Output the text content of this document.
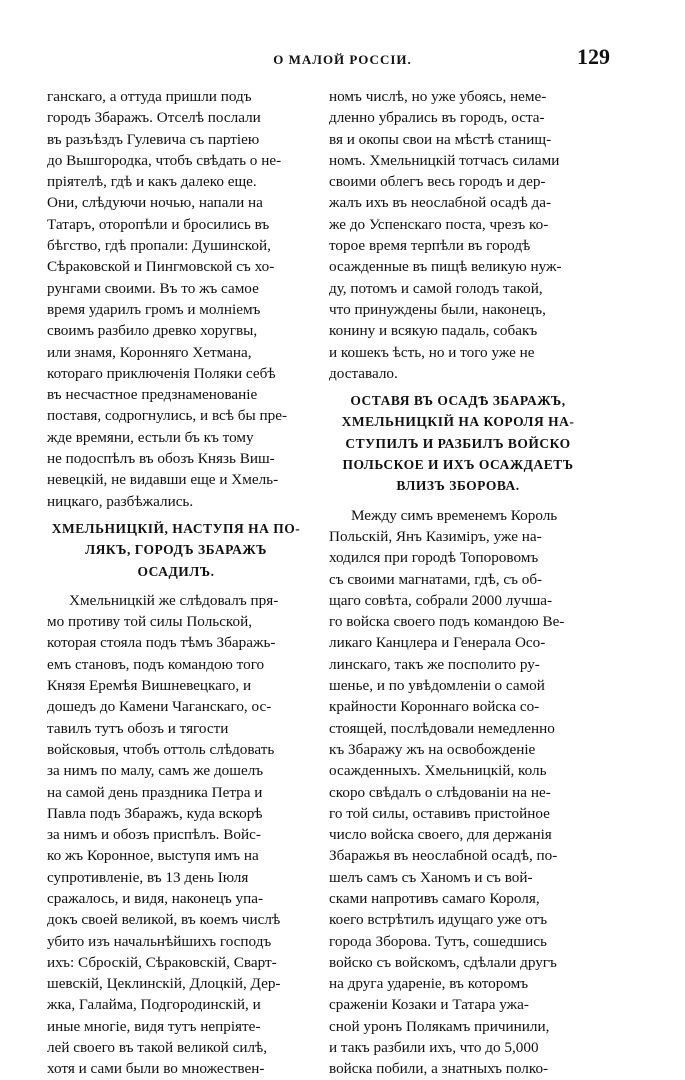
О МАЛОЙ РОССІИ.	129
ганскаго, а оттуда пришли подъ
городъ Збаражъ. Отселѣ послали
въ разъѣздъ Гулевича съ партіею
до Вышгородка, чтобъ свѣдать о не-
пріятелѣ, гдѣ и какъ далеко еще.
Они, слѣдуючи ночью, напали на
Татаръ, оторопѣли и бросились въ
бѣгство, гдѣ пропали: Душинской,
Сѣраковской и Пингмовской съ хо-
рунгами своими. Въ то жъ самое
время ударилъ громъ и молніемъ
своимъ разбило древко хоругвы,
или знамя, Коронняго Хетмана,
котораго приключенія Поляки себѣ
въ несчастное предзнаменованіе
поставя, содрогнулись, и всѣ бы пре-
жде времяни, естьли бъ къ тому
не подоспѣлъ въ обозъ Князь Виш-
невецкій, не видавши еще и Хмель-
ницкаго, разбѣжались.
ХМЕЛЬНИЦКІЙ, НАСТУПЯ НА ПО-
ЛЯКЪ, ГОРОДЪ ЗБАРАЖЪ
ОСАДИЛЪ.
Хмельницкій же слѣдовалъ пря-
мо противу той силы Польской,
которая стояла подъ тѣмъ Збаражь-
емъ становъ, подъ командою того
Князя Еремѣя Вишневецкаго, и
дошедъ до Камени Чаганскаго, ос-
тавилъ тутъ обозъ и тягости
войсковыя, чтобъ оттоль слѣдовать
за нимъ по малу, самъ же дошелъ
на самой день праздника Петра и
Павла подъ Збаражъ, куда вскорѣ
за нимъ и обозъ приспѣлъ. Войс-
ко жъ Коронное, выступя имъ на
супротивленіе, въ 13 день Іюля
сражалось, и видя, наконецъ упа-
докъ своей великой, въ коемъ числѣ
убито изъ начальнѣйшихъ господъ
ихъ: Сброскій, Сѣраковскій, Сварт-
шевскій, Цеклинскій, Длоцкій, Дер-
жка, Галайма, Подгородинскій, и
иные многіе, видя тутъ непріяте-
лей своего въ такой великой силѣ,
хотя и сами были во множествен-
номъ числѣ, но уже убоясь, неме-
дленно убрались въ городъ, оста-
вя и окопы свои на мѣстѣ станищ-
номъ. Хмельницкій тотчасъ силами
своими облегъ весь городъ и дер-
жалъ ихъ въ неослабной осадѣ да-
же до Успенскаго поста, чрезъ ко-
торое время терпѣли въ городѣ
осажденные въ пищѣ великую нуж-
ду, потомъ и самой голодъ такой,
что принуждены были, наконецъ,
конину и всякую падаль, собакъ
и кошекъ ѣсть, но и того уже не
доставало.
ОСТАВЯ ВЪ ОСАДѢ ЗБАРАЖЪ,
ХМЕЛЬНИЦКІЙ НА КОРОЛЯ НА-
СТУПИЛЪ И РАЗБИЛЪ ВОЙСКО
ПОЛЬСКОЕ И ИХЪ ОСАЖДАЕТЪ
ВЛИЗЪ ЗБОРОВА.
Между симъ временемъ Король
Польскій, Янъ Казиміръ, уже на-
ходился при городѣ Топоровомъ
съ своими магнатами, гдѣ, съ об-
щаго совѣта, собрали 2000 лучша-
го войска своего подъ командою Ве-
ликаго Канцлера и Генерала Осо-
линскаго, такъ же посполито ру-
шенье, и по увѣдомленіи о самой
крайности Короннаго войска со-
стоящей, послѣдовали немедленно
къ Збаражу жъ на освобожденіе
осажденныхъ. Хмельницкій, коль
скоро свѣдалъ о слѣдованіи на не-
го той силы, оставивъ пристойное
число войска своего, для держанія
Збаражья въ неослабной осадѣ, по-
шелъ самъ съ Ханомъ и съ вой-
сками напротивъ самаго Короля,
коего встрѣтилъ идущаго уже отъ
города Зборова. Тутъ, сошедшись
войско съ войскомъ, сдѣлали другъ
на друга удареніе, въ которомъ
сраженіи Козаки и Татара ужа-
сной уронъ Полякамъ причинили,
и такъ разбили ихъ, что до 5,000
войска побили, а знатныхъ полко-
